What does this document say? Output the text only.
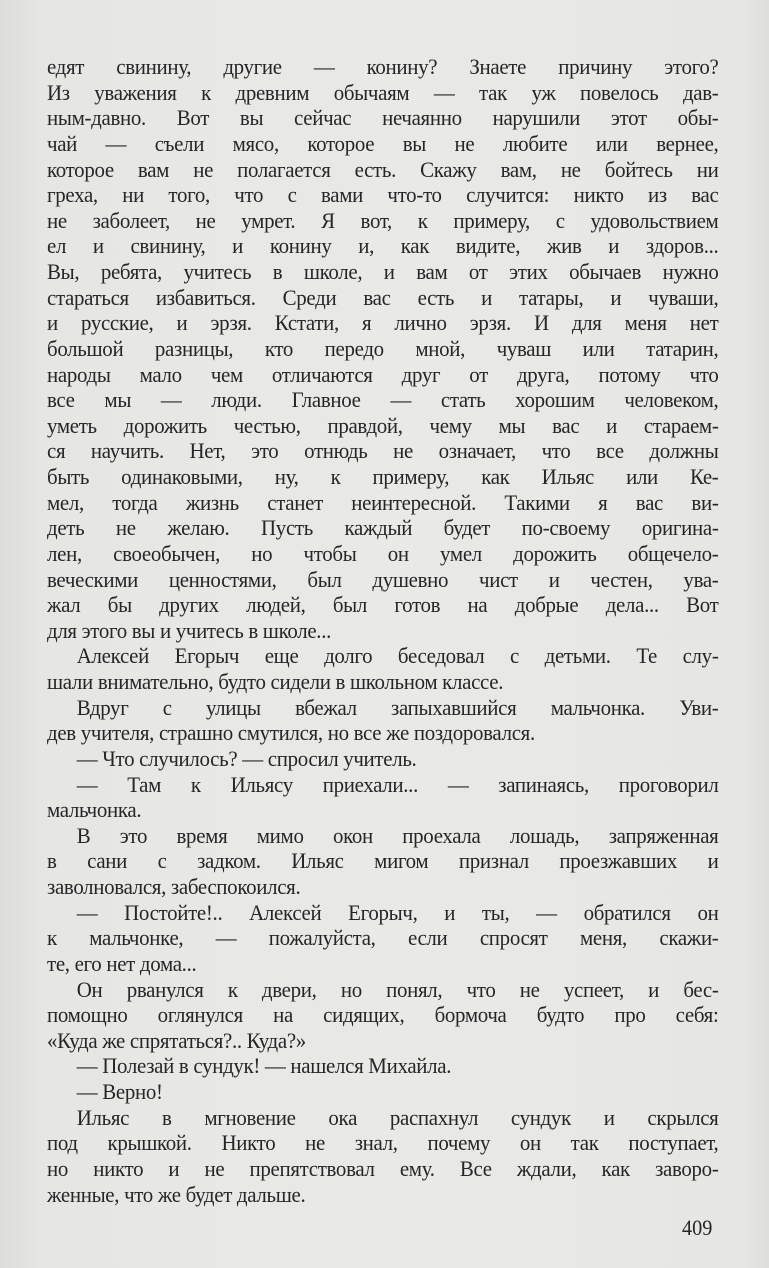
едят свинину, другие — конину? Знаете причину этого?
Из уважения к древним обычаям — так уж повелось дав-
ным-давно. Вот вы сейчас нечаянно нарушили этот обы-
чай — съели мясо, которое вы не любите или вернее,
которое вам не полагается есть. Скажу вам, не бойтесь ни
греха, ни того, что с вами что-то случится: никто из вас
не заболеет, не умрет. Я вот, к примеру, с удовольствием
ел и свинину, и конину и, как видите, жив и здоров...
Вы, ребята, учитесь в школе, и вам от этих обычаев нужно
стараться избавиться. Среди вас есть и татары, и чуваши,
и русские, и эрзя. Кстати, я лично эрзя. И для меня нет
большой разницы, кто передо мной, чуваш или татарин,
народы мало чем отличаются друг от друга, потому что
все мы — люди. Главное — стать хорошим человеком,
уметь дорожить честью, правдой, чему мы вас и стараем-
ся научить. Нет, это отнюдь не означает, что все должны
быть одинаковыми, ну, к примеру, как Ильяс или Ке-
мел, тогда жизнь станет неинтересной. Такими я вас ви-
деть не желаю. Пусть каждый будет по-своему оригина-
лен, своеобычен, но чтобы он умел дорожить общечело-
веческими ценностями, был душевно чист и честен, ува-
жал бы других людей, был готов на добрые дела... Вот
для этого вы и учитесь в школе...
Алексей Егорыч еще долго беседовал с детьми. Те слу-
шали внимательно, будто сидели в школьном классе.
Вдруг с улицы вбежал запыхавшийся мальчонка. Уви-
дев учителя, страшно смутился, но все же поздоровался.
— Что случилось? — спросил учитель.
— Там к Ильясу приехали... — запинаясь, проговорил
мальчонка.
В это время мимо окон проехала лошадь, запряженная
в сани с задком. Ильяс мигом признал проезжавших и
заволновался, забеспокоился.
— Постойте!.. Алексей Егорыч, и ты, — обратился он
к мальчонке, — пожалуйста, если спросят меня, скажи-
те, его нет дома...
Он рванулся к двери, но понял, что не успеет, и бес-
помощно оглянулся на сидящих, бормоча будто про себя:
«Куда же спрятаться?.. Куда?»
— Полезай в сундук! — нашелся Михайла.
— Верно!
Ильяс в мгновение ока распахнул сундук и скрылся
под крышкой. Никто не знал, почему он так поступает,
но никто и не препятствовал ему. Все ждали, как заворо-
женные, что же будет дальше.
409
